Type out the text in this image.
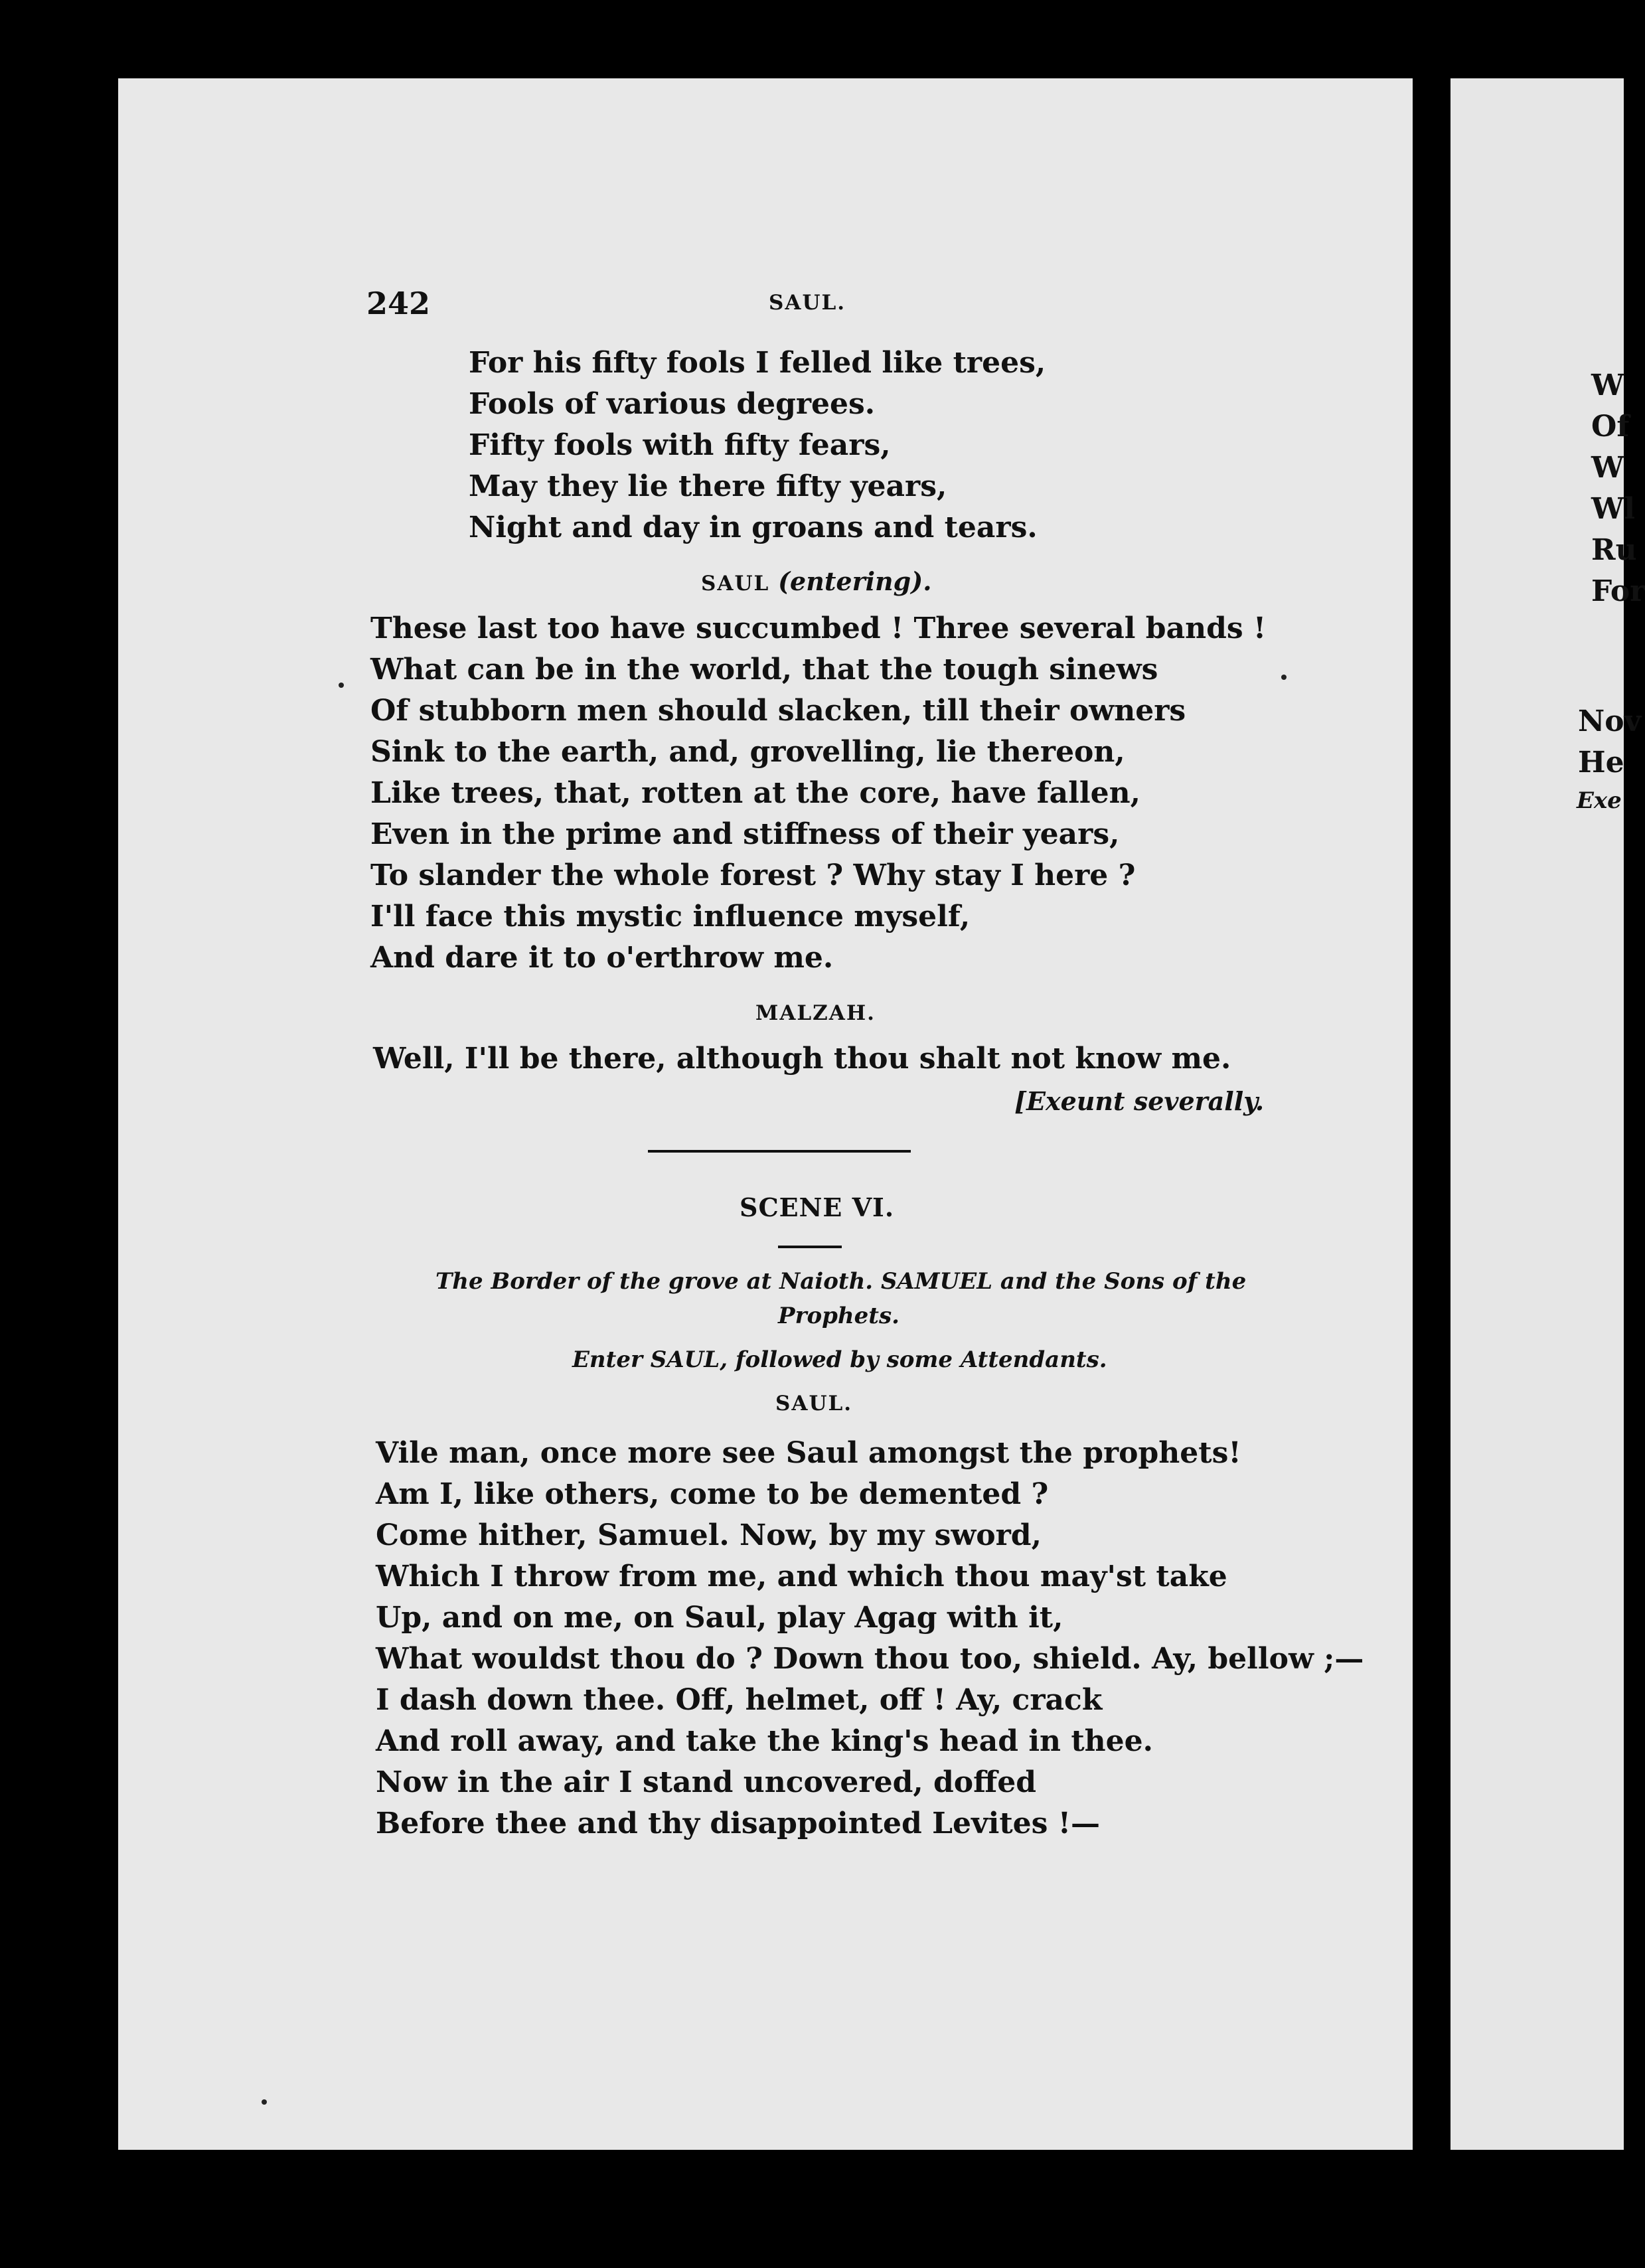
242	SAUL.
For his fifty fools I felled like trees,
Fools of various degrees.
Fifty fools with fifty fears,
May they lie there fifty years,
Night and day in groans and tears.
SAUL (entering).
These last too have succumbed ! Three several bands !
What can be in the world, that the tough sinews
Of stubborn men should slacken, till their owners
Sink to the earth, and, grovelling, lie thereon,
Like trees, that, rotten at the core, have fallen,
Even in the prime and stiffness of their years,
To slander the whole forest ? Why stay I here ?
I'll face this mystic influence myself,
And dare it to o'erthrow me.
MALZAH.
Well, I'll be there, although thou shalt not know me.
[Exeunt severally.
SCENE VI.
The Border of the grove at Naioth. SAMUEL and the Sons of the
Prophets.
Enter SAUL, followed by some Attendants.
SAUL.
Vile man, once more see Saul amongst the prophets!
Am I, like others, come to be demented ?
Come hither, Samuel. Now, by my sword,
Which I throw from me, and which thou may'st take
Up, and on me, on Saul, play Agag with it,
What wouldst thou do ? Down thou too, shield. Ay, bellow ;—
I dash down thee. Off, helmet, off ! Ay, crack
And roll away, and take the king's head in thee.
Now in the air I stand uncovered, doffed
Before thee and thy disappointed Levites !—
W
Of
W
Wl
Ru
For
Nov
He
Exe
